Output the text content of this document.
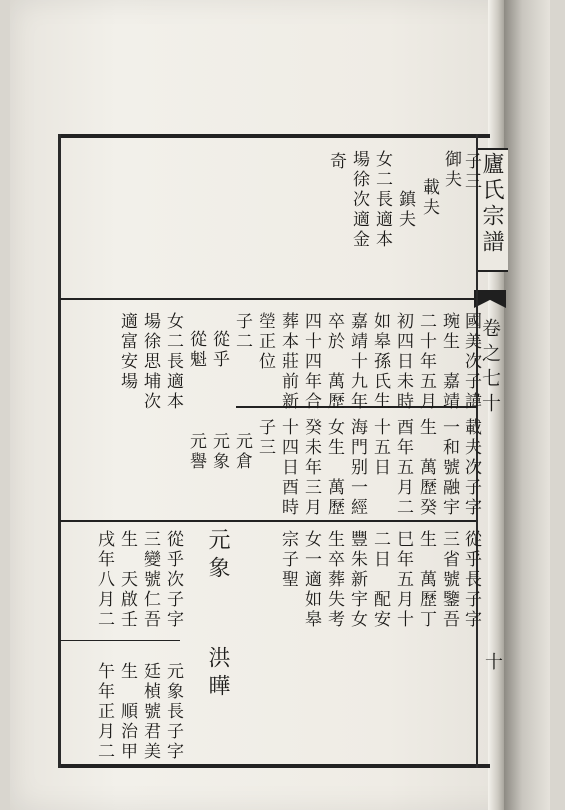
廬氏宗譜
卷之七十
十
子三
御夫
載夫
鎮夫
女二長適本
場徐次適金
奇
國美次子諱
琬生　嘉靖
二十年五月
初四日未時
如皋孫氏生
嘉靖十九年
卒於　萬歷
四十四年合
葬本莊前新
塋正位
子二
從乎
從魁
女二長適本
場徐思埔次
適富安場
載夫次子字
一和號融宇
生　萬歷癸
酉年五月二
十五日
海門别一經
女生　萬歷
癸未年三月
十四日酉時
子三
元倉
元象
元譽
從乎長子字
三省號鑒吾
生　萬歷丁
巳年五月十
二日　配安
豐朱新宇女
生卒葬失考
女一適如皋
宗子聖
從乎次子字
三變號仁吾
生　天啟壬
戌年八月二
元象長子字
廷楨號君美
生　順治甲
午年正月二
元象
洪曄
